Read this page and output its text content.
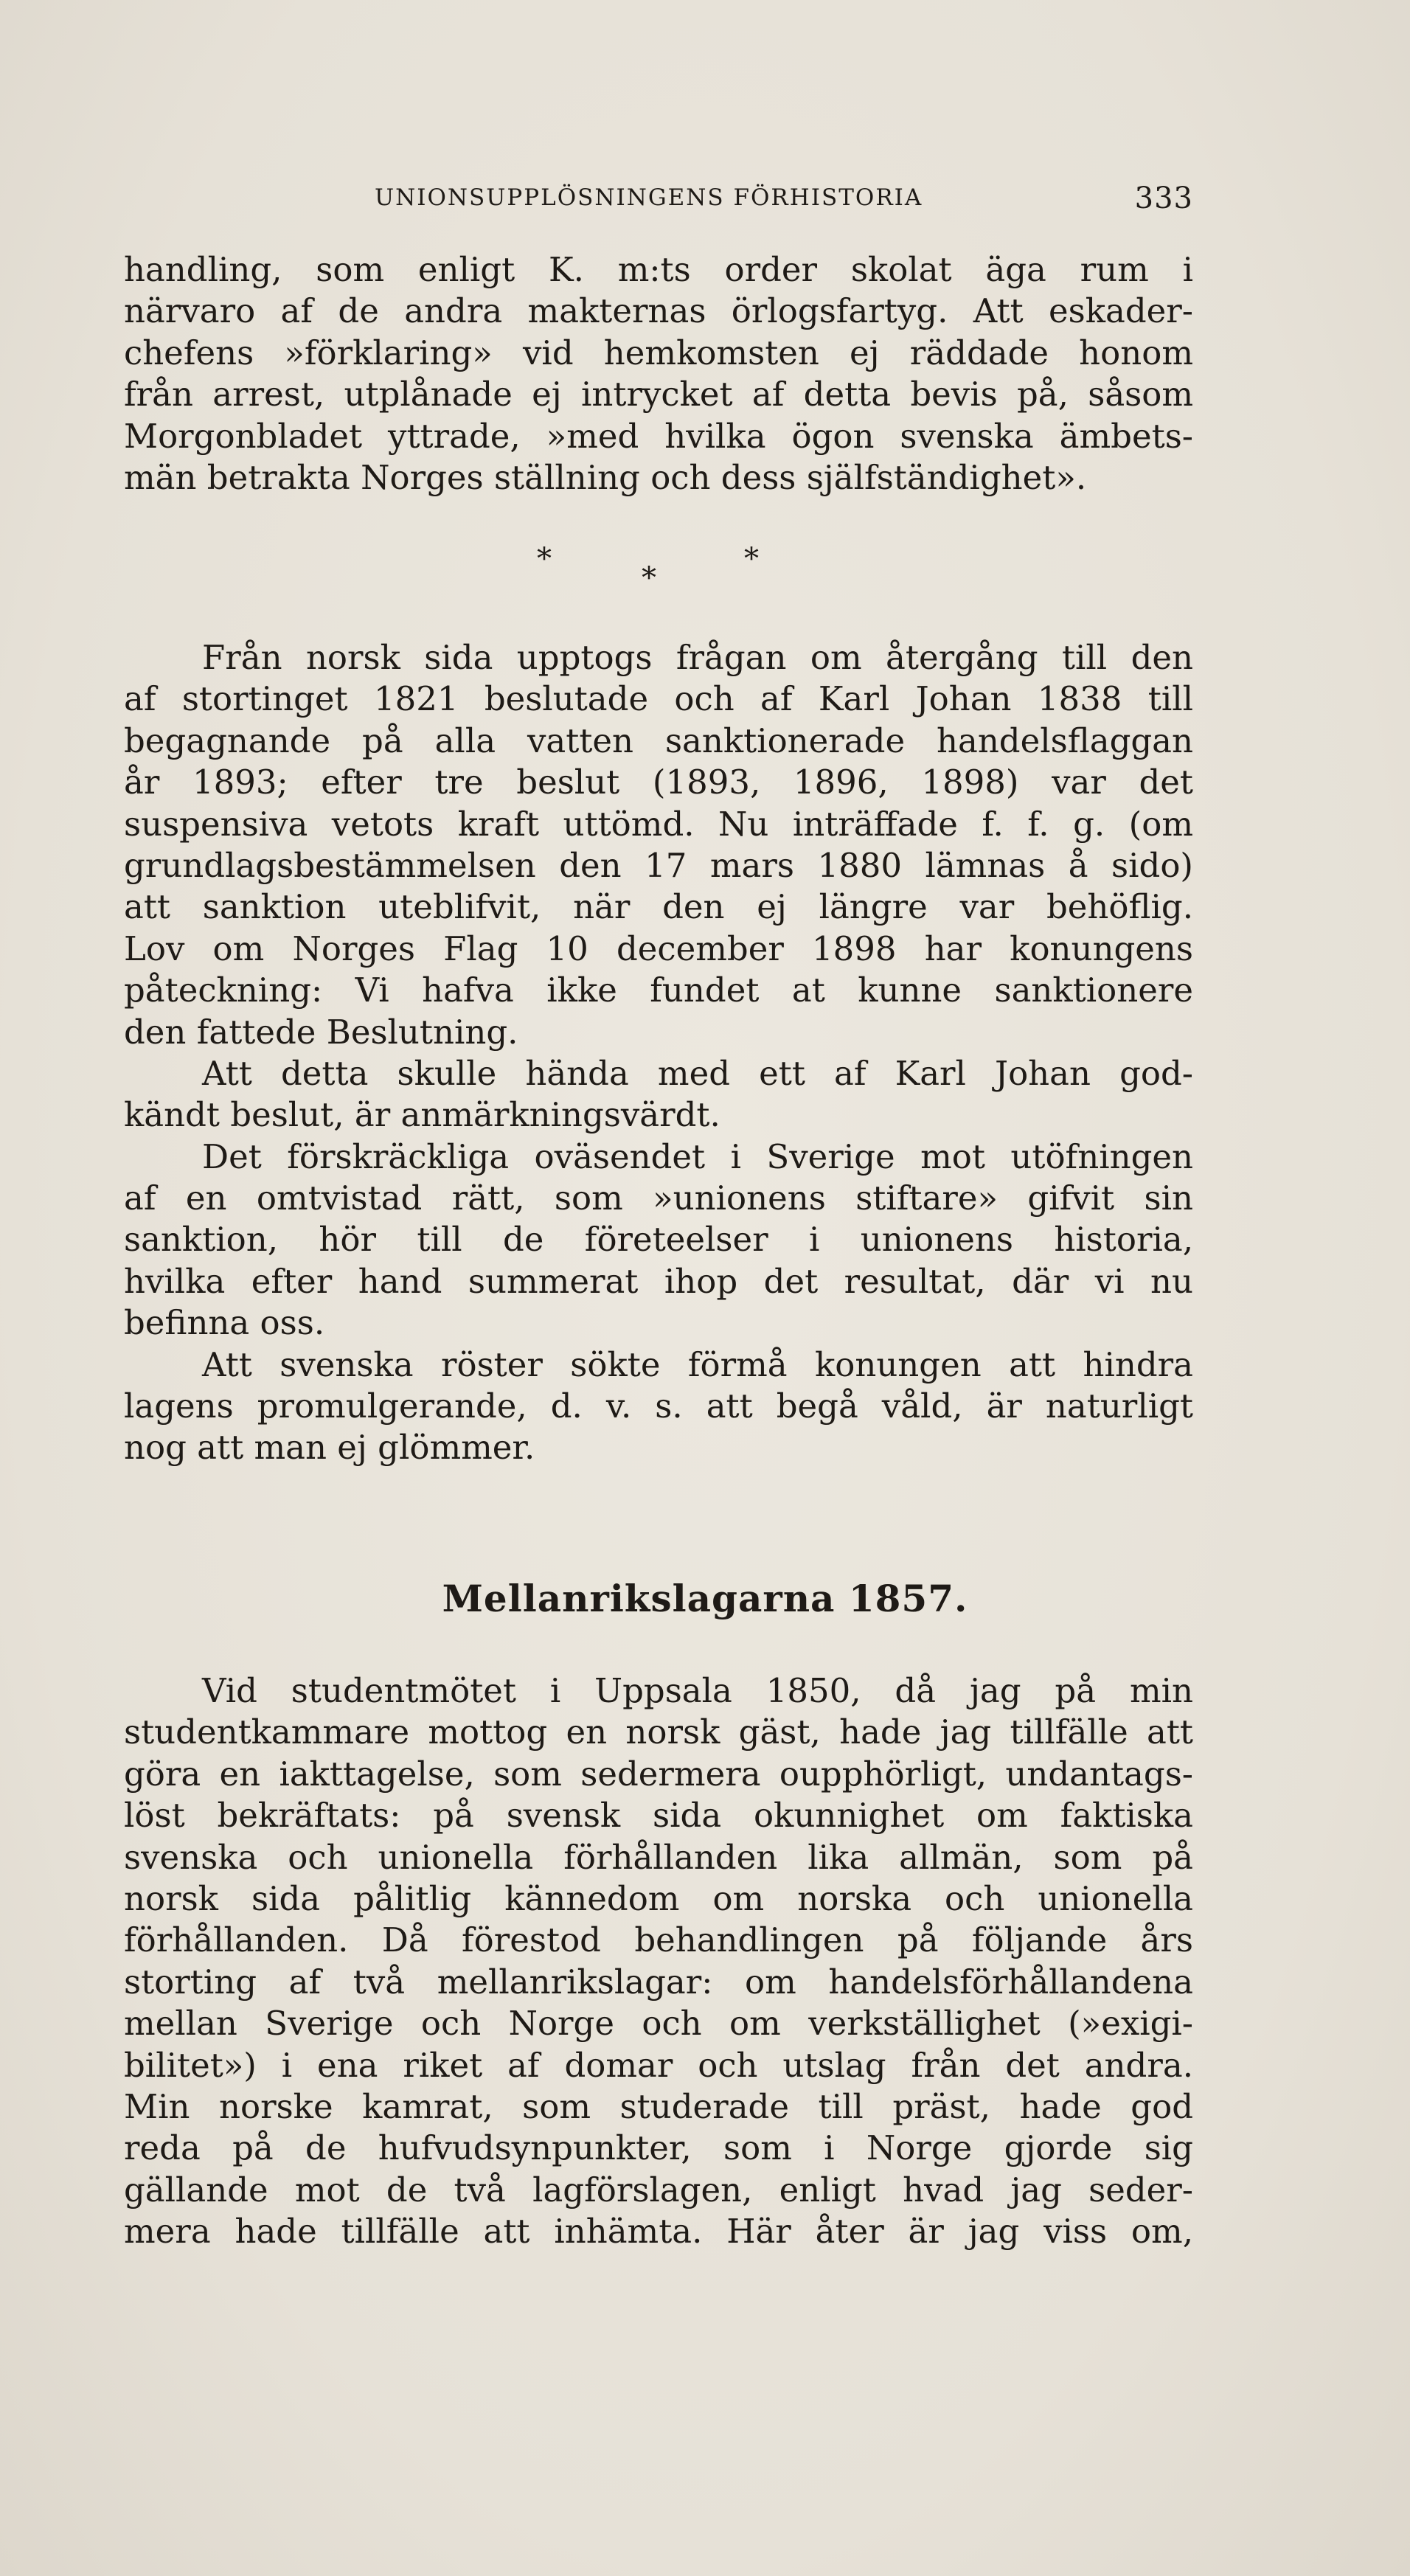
UNIONSUPPLÖSNINGENS FÖRHISTORIA	333
handling, som enligt K. m:ts order skolat äga rum i
närvaro af de andra makternas örlogsfartyg. Att eskader-
chefens »förklaring» vid hemkomsten ej räddade honom
från arrest, utplånade ej intrycket af detta bevis på, såsom
Morgonbladet yttrade, »med hvilka ögon svenska ämbets-
män betrakta Norges ställning och dess själfständighet».
*
*
*
Från norsk sida upptogs frågan om återgång till den
af stortinget 1821 beslutade och af Karl Johan 1838 till
begagnande på alla vatten sanktionerade handelsflaggan
år 1893; efter tre beslut (1893, 1896, 1898) var det
suspensiva vetots kraft uttömd. Nu inträffade f. f. g. (om
grundlagsbestämmelsen den 17 mars 1880 lämnas å sido)
att sanktion uteblifvit, när den ej längre var behöflig.
Lov om Norges Flag 10 december 1898 har konungens
påteckning: Vi hafva ikke fundet at kunne sanktionere
den fattede Beslutning.
Att detta skulle hända med ett af Karl Johan god-
kändt beslut, är anmärkningsvärdt.
Det förskräckliga oväsendet i Sverige mot utöfningen
af en omtvistad rätt, som »unionens stiftare» gifvit sin
sanktion, hör till de företeelser i unionens historia,
hvilka efter hand summerat ihop det resultat, där vi nu
befinna oss.
Att svenska röster sökte förmå konungen att hindra
lagens promulgerande, d. v. s. att begå våld, är naturligt
nog att man ej glömmer.
Mellanrikslagarna 1857.
Vid studentmötet i Uppsala 1850, då jag på min
studentkammare mottog en norsk gäst, hade jag tillfälle att
göra en iakttagelse, som sedermera oupphörligt, undantags-
löst bekräftats: på svensk sida okunnighet om faktiska
svenska och unionella förhållanden lika allmän, som på
norsk sida pålitlig kännedom om norska och unionella
förhållanden. Då förestod behandlingen på följande års
storting af två mellanrikslagar: om handelsförhållandena
mellan Sverige och Norge och om verkställighet (»exigi-
bilitet») i ena riket af domar och utslag från det andra.
Min norske kamrat, som studerade till präst, hade god
reda på de hufvudsynpunkter, som i Norge gjorde sig
gällande mot de två lagförslagen, enligt hvad jag seder-
mera hade tillfälle att inhämta. Här åter är jag viss om,
